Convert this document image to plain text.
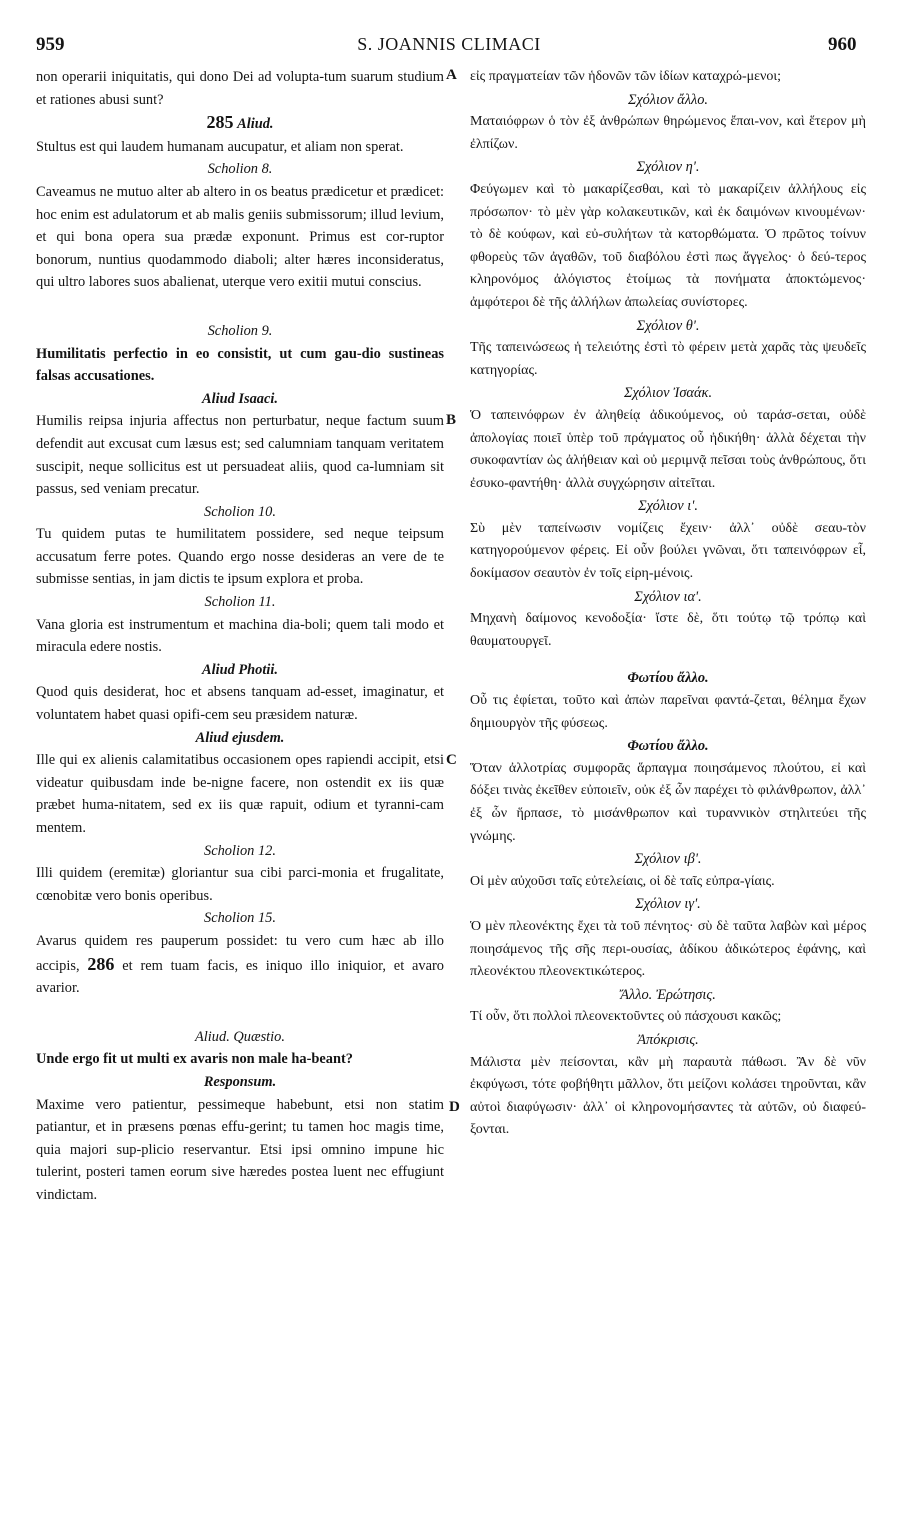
959	S. JOANNIS CLIMACI	960
A
B
C
D

non operarii iniquitatis, qui dono Dei ad volupta-tum suarum studium et rationes abusi sunt?

285 Aliud.

Stultus est qui laudem humanam aucupatur, et aliam non sperat.

Scholion 8.

Caveamus ne mutuo alter ab altero in os beatus prædicetur et prædicet: hoc enim est adulatorum et ab malis geniis submissorum; illud levium, et qui bona opera sua prædæ exponunt. Primus est cor-ruptor bonorum, nuntius quodammodo diaboli; alter hæres inconsideratus, qui ultro labores suos abalienat, uterque vero exitii mutui conscius.

Scholion 9.

Humilitatis perfectio in eo consistit, ut cum gau-dio sustineas falsas accusationes.

Aliud Isaaci.

Humilis reipsa injuria affectus non perturbatur, neque factum suum defendit aut excusat cum læsus est; sed calumniam tanquam veritatem suscipit, neque sollicitus est ut persuadeat aliis, quod ca-lumniam sit passus, sed veniam precatur.

Scholion 10.

Tu quidem putas te humilitatem possidere, sed neque teipsum accusatum ferre potes. Quando ergo nosse desideras an vere de te submisse sentias, in jam dictis te ipsum explora et proba.

Scholion 11.

Vana gloria est instrumentum et machina dia-boli; quem tali modo et miracula edere nostis.

Aliud Photii.

Quod quis desiderat, hoc et absens tanquam ad-esset, imaginatur, et voluntatem habet quasi opifi-cem seu præsidem naturæ.

Aliud ejusdem.

Ille qui ex alienis calamitatibus occasionem opes rapiendi accipit, etsi videatur quibusdam inde be-nigne facere, non ostendit ex iis quæ præbet huma-nitatem, sed ex iis quæ rapuit, odium et tyranni-cam mentem.

Scholion 12.

Illi quidem (eremitæ) gloriantur sua cibi parci-monia et frugalitate, cœnobitæ vero bonis operibus.

Scholion 15.

Avarus quidem res pauperum possidet: tu vero cum hæc ab illo accipis, 286 et rem tuam facis, es iniquo illo iniquior, et avaro avarior.

Aliud. Quæstio.

Unde ergo fit ut multi ex avaris non male ha-beant?

Responsum.

Maxime vero patientur, pessimeque habebunt, etsi non statim patiantur, et in præsens pœnas effu-gerint; tu tamen hoc magis time, quia majori sup-plicio reservantur. Etsi ipsi omnino impune hic tulerint, posteri tamen eorum sive hæredes postea luent nec effugiunt vindictam.

εἰς πραγματείαν τῶν ἡδονῶν τῶν ἰδίων καταχρώ-μενοι;

Σχόλιον ἄλλο.

Ματαιόφρων ὁ τὸν ἐξ ἀνθρώπων θηρώμενος ἔπαι-νον, καὶ ἕτερον μὴ ἐλπίζων.

Σχόλιον η'.

Φεύγωμεν καὶ τὸ μακαρίζεσθαι, καὶ τὸ μακαρίζειν ἀλλήλους εἰς πρόσωπον· τὸ μὲν γὰρ κολακευτικῶν, καὶ ἐκ δαιμόνων κινουμένων· τὸ δὲ κούφων, καὶ εὐ-συλήτων τὰ κατορθώματα. Ὁ πρῶτος τοίνυν φθορεὺς τῶν ἀγαθῶν, τοῦ διαβόλου ἐστὶ πως ἄγγελος· ὁ δεύ-τερος κληρονόμος ἀλόγιστος ἑτοίμως τὰ πονήματα ἀποκτώμενος· ἀμφότεροι δὲ τῆς ἀλλήλων ἀπωλείας συνίστορες.

Σχόλιον θ'.

Τῆς ταπεινώσεως ἡ τελειότης ἐστὶ τὸ φέρειν μετὰ χαρᾶς τὰς ψευδεῖς κατηγορίας.

Σχόλιον Ἰσαάκ.

Ὁ ταπεινόφρων ἐν ἀληθείᾳ ἀδικούμενος, οὐ ταράσ-σεται, οὐδὲ ἀπολογίας ποιεῖ ὑπὲρ τοῦ πράγματος οὗ ἠδικήθη· ἀλλὰ δέχεται τὴν συκοφαντίαν ὡς ἀλήθειαν καὶ οὐ μεριμνᾷ πεῖσαι τοὺς ἀνθρώπους, ὅτι ἐσυκο-φαντήθη· ἀλλὰ συγχώρησιν αἰτεῖται.

Σχόλιον ι'.

Σὺ μὲν ταπείνωσιν νομίζεις ἔχειν· ἀλλ᾽ οὐδὲ σεαυ-τὸν κατηγορούμενον φέρεις. Εἰ οὖν βούλει γνῶναι, ὅτι ταπεινόφρων εἶ, δοκίμασον σεαυτὸν ἐν τοῖς εἰρη-μένοις.

Σχόλιον ια'.

Μηχανὴ δαίμονος κενοδοξία· ἴστε δὲ, ὅτι τούτῳ τῷ τρόπῳ καὶ θαυματουργεῖ.

Φωτίου ἄλλο.

Οὗ τις ἐφίεται, τοῦτο καὶ ἀπὼν παρεῖναι φαντά-ζεται, θέλημα ἔχων δημιουργὸν τῆς φύσεως.

Φωτίου ἄλλο.

Ὅταν ἀλλοτρίας συμφορᾶς ἅρπαγμα ποιησάμενος πλούτου, εἰ καὶ δόξει τινὰς ἐκεῖθεν εὐποιεῖν, οὐκ ἐξ ὧν παρέχει τὸ φιλάνθρωπον, ἀλλ᾽ ἐξ ὧν ἥρπασε, τὸ μισάνθρωπον καὶ τυραννικὸν στηλιτεύει τῆς γνώμης.

Σχόλιον ιβ'.

Οἱ μὲν αὐχοῦσι ταῖς εὐτελείαις, οἱ δὲ ταῖς εὐπρα-γίαις.

Σχόλιον ιγ'.

Ὁ μὲν πλεονέκτης ἔχει τὰ τοῦ πένητος· σὺ δὲ ταῦτα λαβὼν καὶ μέρος ποιησάμενος τῆς σῆς περι-ουσίας, ἀδίκου ἀδικώτερος ἐφάνης, καὶ πλεονέκτου πλεονεκτικώτερος.

Ἄλλο. Ἐρώτησις.

Τί οὖν, ὅτι πολλοὶ πλεονεκτοῦντες οὐ πάσχουσι κακῶς;

Ἀπόκρισις.

Μάλιστα μὲν πείσονται, κἂν μὴ παραυτὰ πάθωσι. Ἂν δὲ νῦν ἐκφύγωσι, τότε φοβήθητι μᾶλλον, ὅτι μείζονι κολάσει τηροῦνται, κἂν αὐτοὶ διαφύγωσιν· ἀλλ᾽ οἱ κληρονομήσαντες τὰ αὐτῶν, οὐ διαφεύ-ξονται.
